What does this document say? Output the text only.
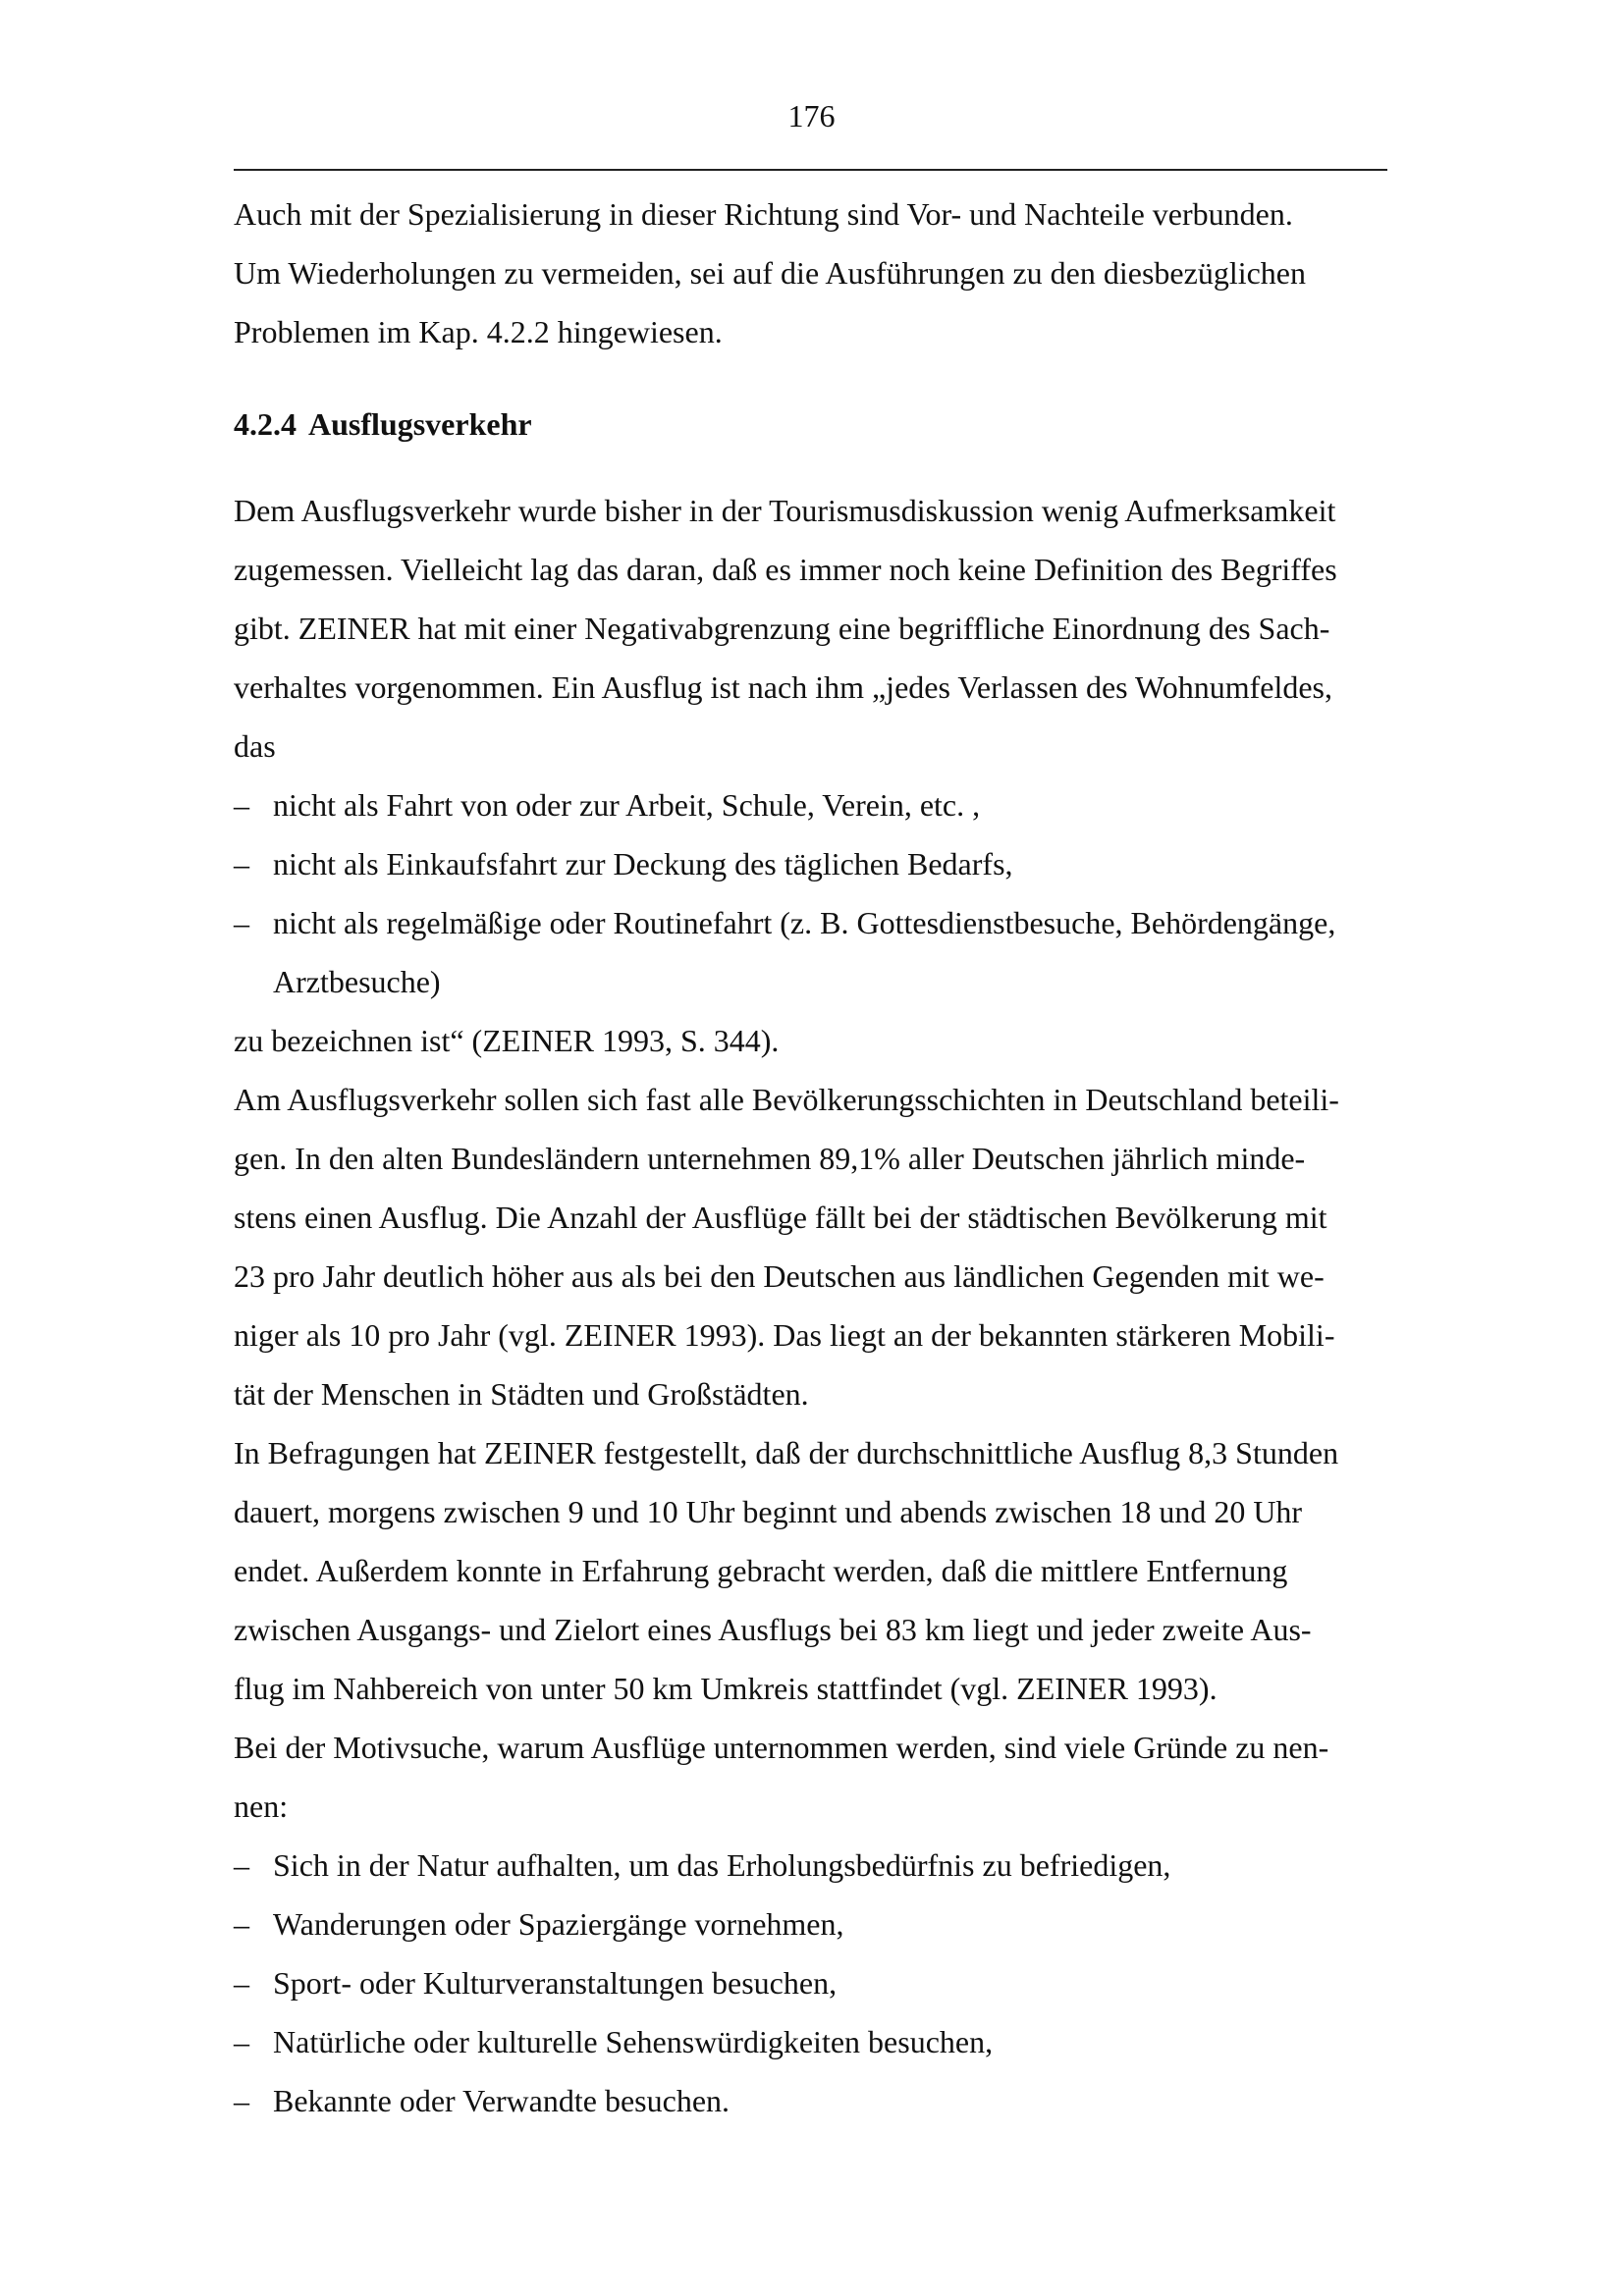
176
Auch mit der Spezialisierung in dieser Richtung sind Vor- und Nachteile verbunden.
Um Wiederholungen zu vermeiden, sei auf die Ausführungen zu den diesbezüglichen
Problemen im Kap. 4.2.2 hingewiesen.
4.2.4 Ausflugsverkehr
Dem Ausflugsverkehr wurde bisher in der Tourismusdiskussion wenig Aufmerksamkeit
zugemessen. Vielleicht lag das daran, daß es immer noch keine Definition des Begriffes
gibt. ZEINER hat mit einer Negativabgrenzung eine begriffliche Einordnung des Sach-
verhaltes vorgenommen. Ein Ausflug ist nach ihm „jedes Verlassen des Wohnumfeldes,
das
– nicht als Fahrt von oder zur Arbeit, Schule, Verein, etc. ,
– nicht als Einkaufsfahrt zur Deckung des täglichen Bedarfs,
– nicht als regelmäßige oder Routinefahrt (z. B. Gottesdienstbesuche, Behördengänge,
Arztbesuche)
zu bezeichnen ist“ (ZEINER 1993, S. 344).
Am Ausflugsverkehr sollen sich fast alle Bevölkerungsschichten in Deutschland beteili-
gen. In den alten Bundesländern unternehmen 89,1% aller Deutschen jährlich minde-
stens einen Ausflug. Die Anzahl der Ausflüge fällt bei der städtischen Bevölkerung mit
23 pro Jahr deutlich höher aus als bei den Deutschen aus ländlichen Gegenden mit we-
niger als 10 pro Jahr (vgl. ZEINER 1993). Das liegt an der bekannten stärkeren Mobili-
tät der Menschen in Städten und Großstädten.
In Befragungen hat ZEINER festgestellt, daß der durchschnittliche Ausflug 8,3 Stunden
dauert, morgens zwischen 9 und 10 Uhr beginnt und abends zwischen 18 und 20 Uhr
endet. Außerdem konnte in Erfahrung gebracht werden, daß die mittlere Entfernung
zwischen Ausgangs- und Zielort eines Ausflugs bei 83 km liegt und jeder zweite Aus-
flug im Nahbereich von unter 50 km Umkreis stattfindet (vgl. ZEINER 1993).
Bei der Motivsuche, warum Ausflüge unternommen werden, sind viele Gründe zu nen-
nen:
– Sich in der Natur aufhalten, um das Erholungsbedürfnis zu befriedigen,
– Wanderungen oder Spaziergänge vornehmen,
– Sport- oder Kulturveranstaltungen besuchen,
– Natürliche oder kulturelle Sehenswürdigkeiten besuchen,
– Bekannte oder Verwandte besuchen.
